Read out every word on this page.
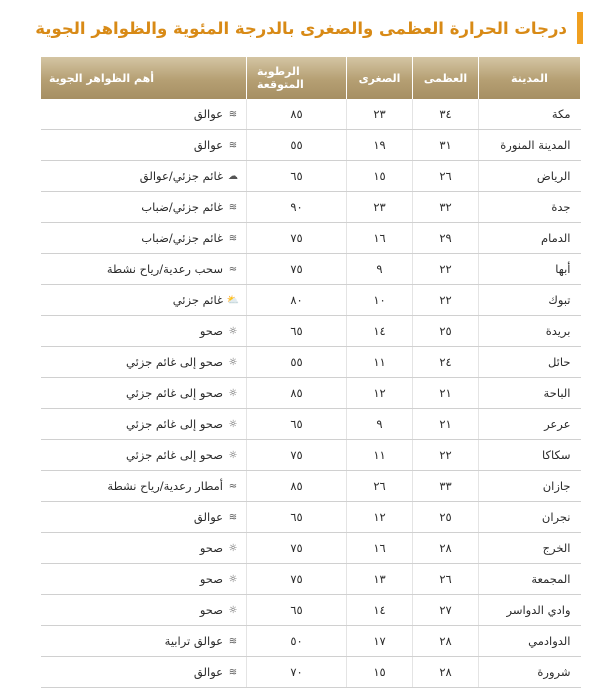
درجات الحرارة العظمى والصغرى بالدرجة المئوية والظواهر الجوية
المدينة	العظمى	الصغرى	الرطوبة المتوقعة	أهم الظواهر الجوية
مكة	٣٤	٢٣	٨٥	≋عوالق
المدينة المنورة	٣١	١٩	٥٥	≋عوالق
الرياض	٢٦	١٥	٦٥	☁غائم جزئي/عوالق
جدة	٣٢	٢٣	٩٠	≋غائم جزئي/ضباب
الدمام	٢٩	١٦	٧٥	≋غائم جزئي/ضباب
أبها	٢٢	٩	٧٥	≈سحب رعدية/رياح نشطة
تبوك	٢٢	١٠	٨٠	⛅غائم جزئي
بريدة	٢٥	١٤	٦٥	☼صحو
حائل	٢٤	١١	٥٥	☼صحو إلى غائم جزئي
الباحة	٢١	١٢	٨٥	☼صحو إلى غائم جزئي
عرعر	٢١	٩	٦٥	☼صحو إلى غائم جزئي
سكاكا	٢٢	١١	٧٥	☼صحو إلى غائم جزئي
جازان	٣٣	٢٦	٨٥	≈أمطار رعدية/رياح نشطة
نجران	٢٥	١٢	٦٥	≋عوالق
الخرج	٢٨	١٦	٧٥	☼صحو
المجمعة	٢٦	١٣	٧٥	☼صحو
وادي الدواسر	٢٧	١٤	٦٥	☼صحو
الدوادمي	٢٨	١٧	٥٠	≋عوالق ترابية
شرورة	٢٨	١٥	٧٠	≋عوالق
